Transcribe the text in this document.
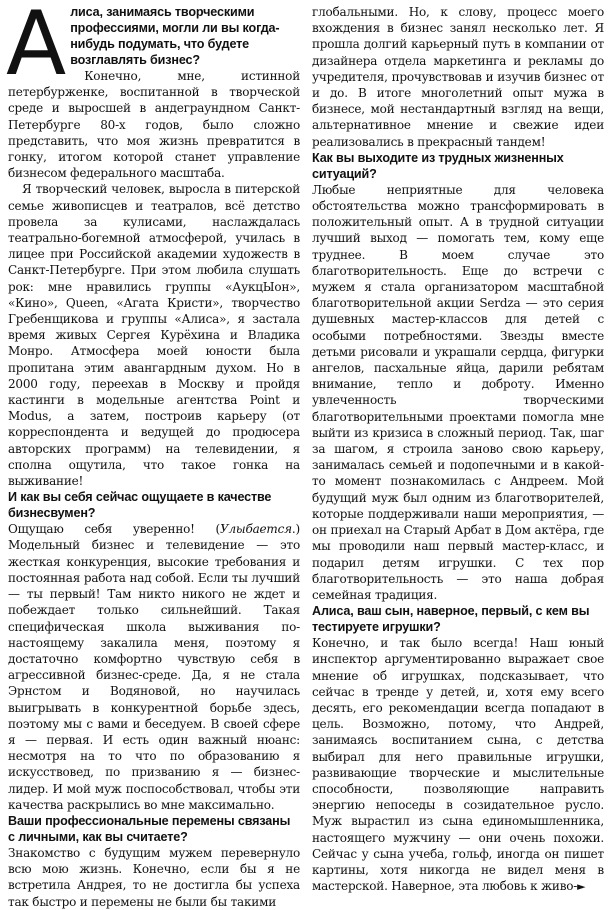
А лиса, занимаясь творческими профессиями, могли ли вы когда-нибудь подумать, что будете возглавлять бизнес?

Конечно, мне, истинной петербурженке, воспитанной в творческой среде и выросшей в андеграундном Санкт-Петербурге 80-х годов, было сложно представить, что моя жизнь превратится в гонку, итогом которой станет управление бизнесом федерального масштаба.

Я творческий человек, выросла в питерской семье живописцев и театралов, всё детство провела за кулисами, наслаждалась театрально-богемной атмосферой, училась в лицее при Российской академии художеств в Санкт-Петербурге. При этом любила слушать рок: мне нравились группы «АукцЫон», «Кино», Queen, «Агата Кристи», творчество Гребенщикова и группы «Алиса», я застала время живых Сергея Курёхина и Владика Монро. Атмосфера моей юности была пропитана этим авангардным духом. Но в 2000 году, переехав в Москву и пройдя кастинги в модельные агентства Point и Modus, а затем, построив карьеру (от корреспондента и ведущей до продюсера авторских программ) на телевидении, я сполна ощутила, что такое гонка на выживание!

И как вы себя сейчас ощущаете в качестве бизнесвумен?

Ощущаю себя уверенно! (Улыбается.) Модельный бизнес и телевидение — это жесткая конкуренция, высокие требования и постоянная работа над собой. Если ты лучший — ты первый! Там никто никого не ждет и побеждает только сильнейший. Такая специфическая школа выживания по-настоящему закалила меня, поэтому я достаточно комфортно чувствую себя в агрессивной бизнес-среде. Да, я не стала Эрнстом и Водяновой, но научилась выигрывать в конкурентной борьбе здесь, поэтому мы с вами и беседуем. В своей сфере я — первая. И есть один важный нюанс: несмотря на то что по образованию я искусствовед, по призванию я — бизнес-лидер. И мой муж поспособствовал, чтобы эти качества раскрылись во мне максимально.

Ваши профессиональные перемены связаны с личными, как вы считаете?

Знакомство с будущим мужем перевернуло всю мою жизнь. Конечно, если бы я не встретила Андрея, то не достигла бы успеха так быстро и перемены не были бы такими

глобальными. Но, к слову, процесс моего вхождения в бизнес занял несколько лет. Я прошла долгий карьерный путь в компании от дизайнера отдела маркетинга и рекламы до учредителя, прочувствовав и изучив бизнес от и до. В итоге многолетний опыт мужа в бизнесе, мой нестандартный взгляд на вещи, альтернативное мнение и свежие идеи реализовались в прекрасный тандем!

Как вы выходите из трудных жизненных ситуаций?

Любые неприятные для человека обстоятельства можно трансформировать в положительный опыт. А в трудной ситуации лучший выход — помогать тем, кому еще труднее. В моем случае это благотворительность. Еще до встречи с мужем я стала организатором масштабной благотворительной акции Serdza — это серия душевных мастер-классов для детей с особыми потребностями. Звезды вместе детьми рисовали и украшали сердца, фигурки ангелов, пасхальные яйца, дарили ребятам внимание, тепло и доброту. Именно увлеченность творческими благотворительными проектами помогла мне выйти из кризиса в сложный период. Так, шаг за шагом, я строила заново свою карьеру, занималась семьей и подопечными и в какой-то момент познакомилась с Андреем. Мой будущий муж был одним из благотворителей, которые поддерживали наши мероприятия, — он приехал на Старый Арбат в Дом актёра, где мы проводили наш первый мастер-класс, и подарил детям игрушки. С тех пор благотворительность — это наша добрая семейная традиция.

Алиса, ваш сын, наверное, первый, с кем вы тестируете игрушки?

Конечно, и так было всегда! Наш юный инспектор аргументированно выражает свое мнение об игрушках, подсказывает, что сейчас в тренде у детей, и, хотя ему всего десять, его рекомендации всегда попадают в цель. Возможно, потому, что Андрей, занимаясь воспитанием сына, с детства выбирал для него правильные игрушки, развивающие творческие и мыслительные способности, позволяющие направить энергию непоседы в созидательное русло. Муж вырастил из сына единомышленника, настоящего мужчину — они очень похожи. Сейчас у сына учеба, гольф, иногда он пишет картины, хотя никогда не видел меня в мастерской. Наверное, эта любовь к живо-►
